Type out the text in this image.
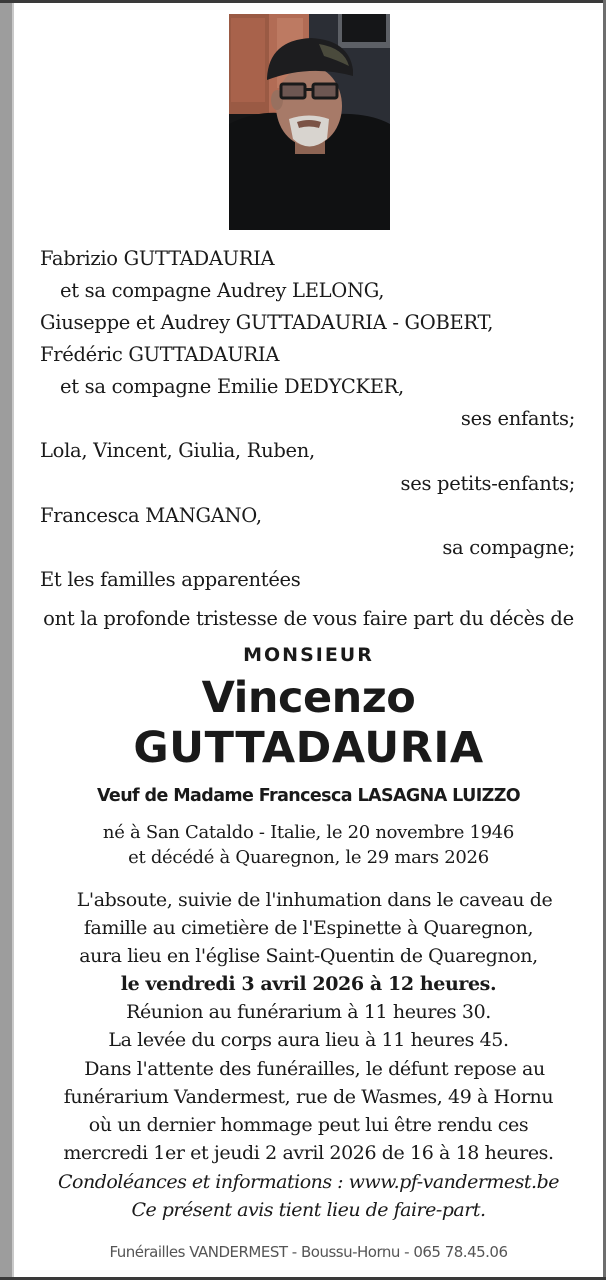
Fabrizio GUTTADAURIA
et sa compagne Audrey LELONG,
Giuseppe et Audrey GUTTADAURIA - GOBERT,
Frédéric GUTTADAURIA
et sa compagne Emilie DEDYCKER,
ses enfants;
Lola, Vincent, Giulia, Ruben,
ses petits-enfants;
Francesca MANGANO,
sa compagne;
Et les familles apparentées
ont la profonde tristesse de vous faire part du décès de
MONSIEUR
Vincenzo
GUTTADAURIA
Veuf de Madame Francesca LASAGNA LUIZZO
né à San Cataldo - Italie, le 20 novembre 1946
et décédé à Quaregnon, le 29 mars 2026
L'absoute, suivie de l'inhumation dans le caveau de
famille au cimetière de l'Espinette à Quaregnon,
aura lieu en l'église Saint-Quentin de Quaregnon,
le vendredi 3 avril 2026 à 12 heures.
Réunion au funérarium à 11 heures 30.
La levée du corps aura lieu à 11 heures 45.
Dans l'attente des funérailles, le défunt repose au
funérarium Vandermest, rue de Wasmes, 49 à Hornu
où un dernier hommage peut lui être rendu ces
mercredi 1er et jeudi 2 avril 2026 de 16 à 18 heures.
Condoléances et informations : www.pf-vandermest.be
Ce présent avis tient lieu de faire-part.
Funérailles VANDERMEST - Boussu-Hornu - 065 78.45.06
